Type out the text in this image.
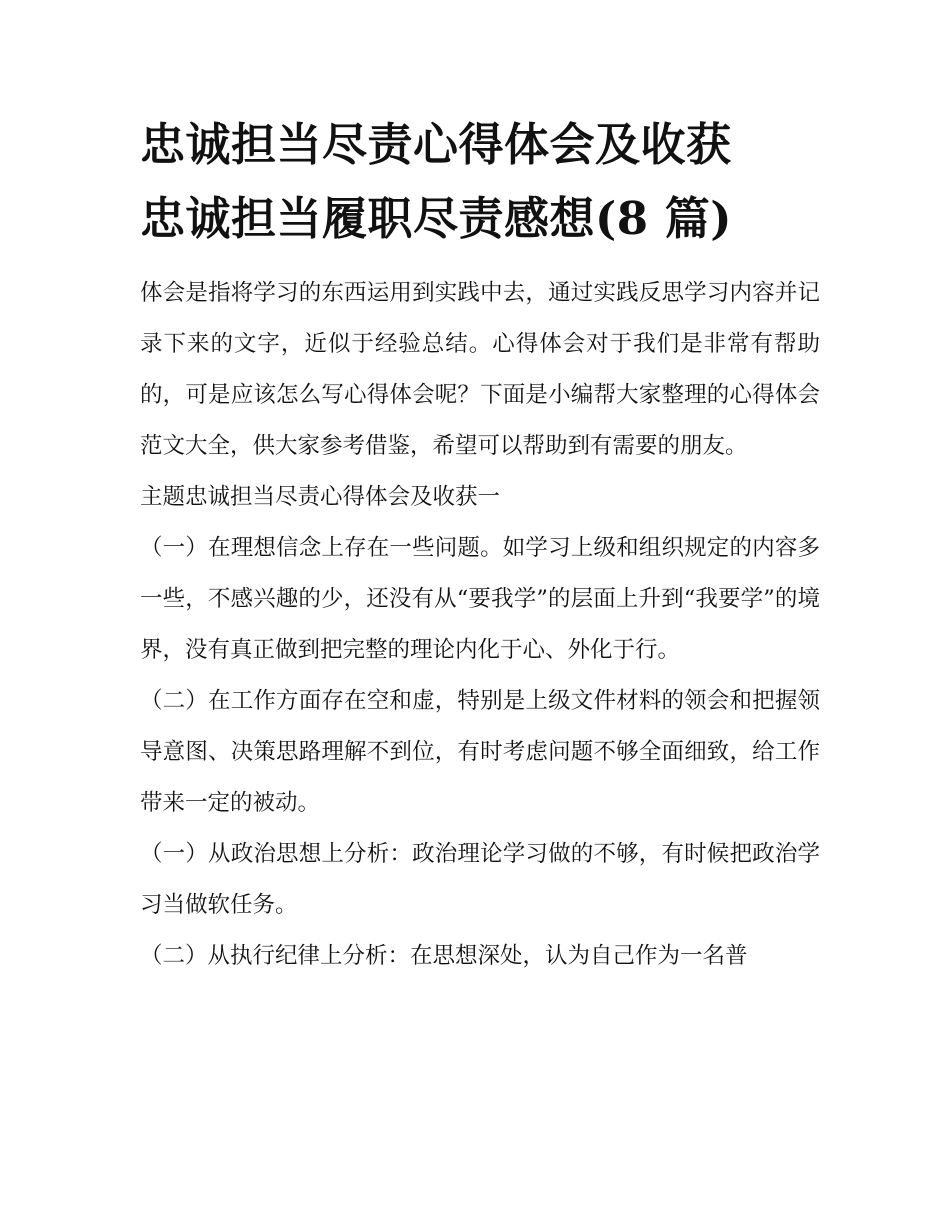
忠诚担当尽责心得体会及收获
忠诚担当履职尽责感想(8 篇)

体会是指将学习的东西运用到实践中去，通过实践反思学习内容并记录下来的文字，近似于经验总结。心得体会对于我们是非常有帮助的，可是应该怎么写心得体会呢？下面是小编帮大家整理的心得体会范文大全，供大家参考借鉴，希望可以帮助到有需要的朋友。

主题忠诚担当尽责心得体会及收获一

（一）在理想信念上存在一些问题。如学习上级和组织规定的内容多一些，不感兴趣的少，还没有从“要我学”的层面上升到“我要学”的境界，没有真正做到把完整的理论内化于心、外化于行。

（二）在工作方面存在空和虚，特别是上级文件材料的领会和把握领导意图、决策思路理解不到位，有时考虑问题不够全面细致，给工作带来一定的被动。

（一）从政治思想上分析：政治理论学习做的不够，有时候把政治学习当做软任务。

（二）从执行纪律上分析：在思想深处，认为自己作为一名普
